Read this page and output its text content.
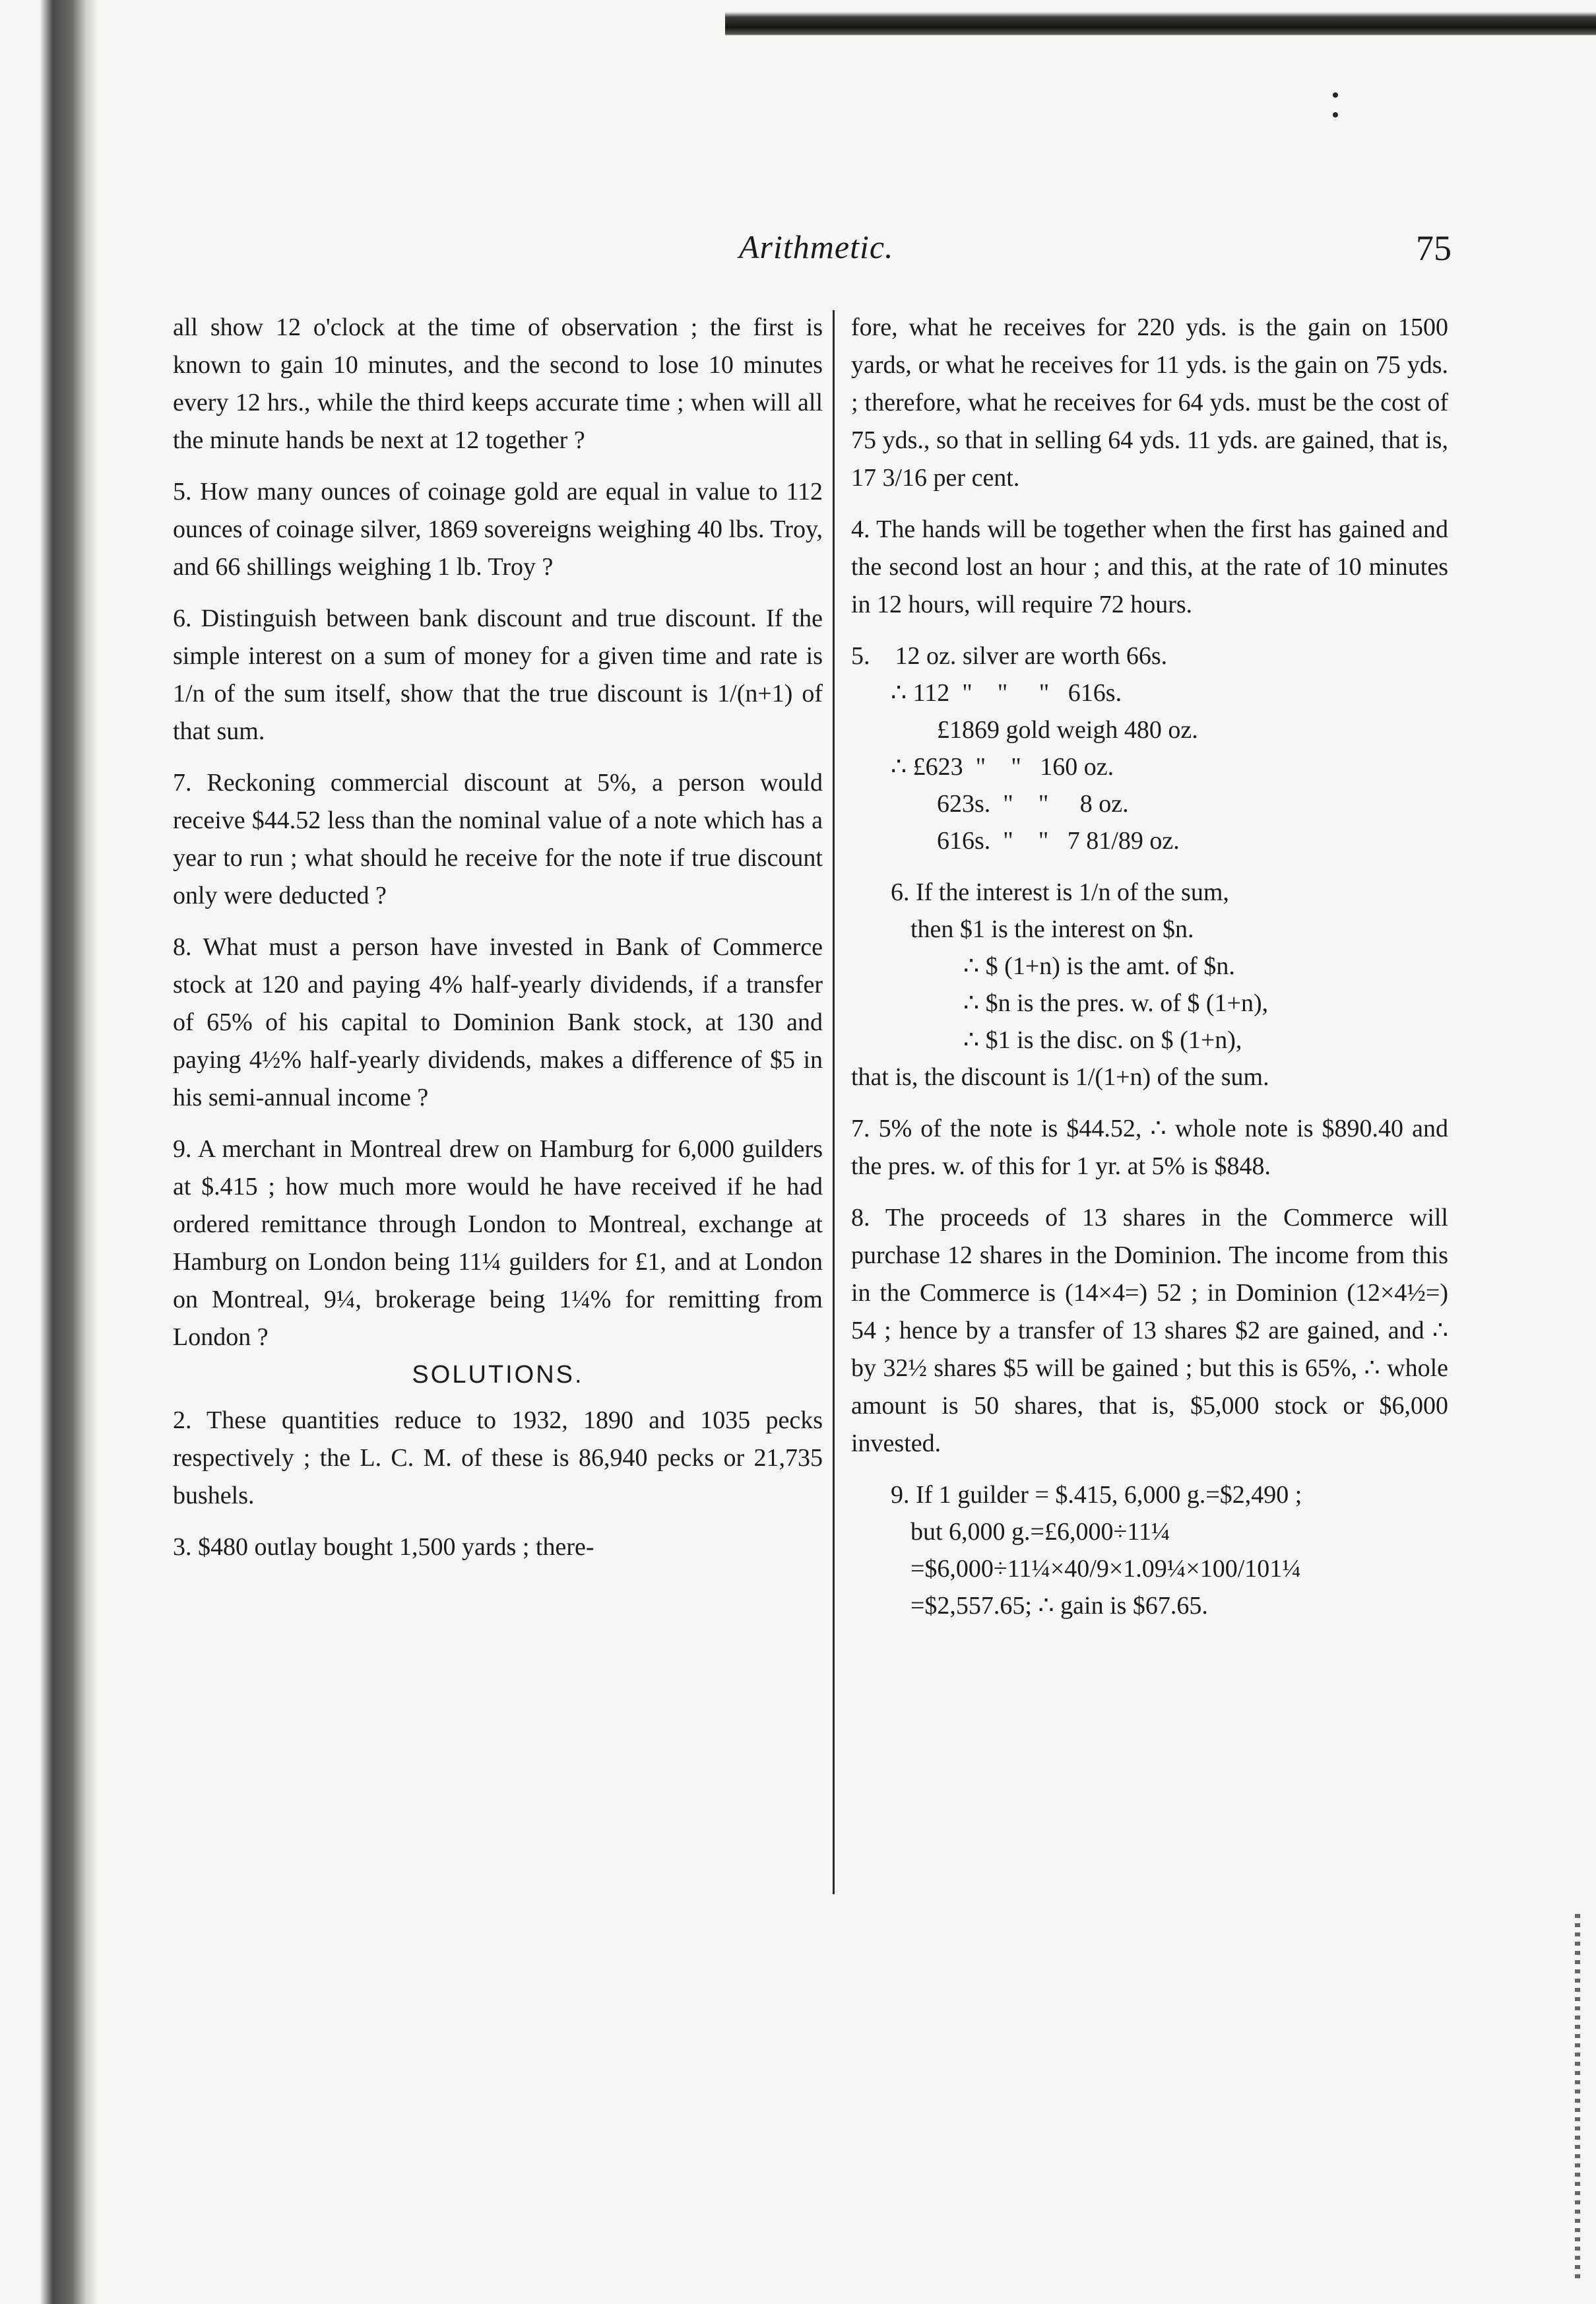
Arithmetic.	75

all show 12 o'clock at the time of observation ; the first is known to gain 10 minutes, and the second to lose 10 minutes every 12 hrs., while the third keeps accurate time ; when will all the minute hands be next at 12 together ?

5. How many ounces of coinage gold are equal in value to 112 ounces of coinage silver, 1869 sovereigns weighing 40 lbs. Troy, and 66 shillings weighing 1 lb. Troy ?

6. Distinguish between bank discount and true discount. If the simple interest on a sum of money for a given time and rate is 1/n of the sum itself, show that the true discount is 1/(n+1) of that sum.

7. Reckoning commercial discount at 5%, a person would receive $44.52 less than the nominal value of a note which has a year to run ; what should he receive for the note if true discount only were deducted ?

8. What must a person have invested in Bank of Commerce stock at 120 and paying 4% half-yearly dividends, if a transfer of 65% of his capital to Dominion Bank stock, at 130 and paying 4½% half-yearly dividends, makes a difference of $5 in his semi-annual income ?

9. A merchant in Montreal drew on Hamburg for 6,000 guilders at $.415 ; how much more would he have received if he had ordered remittance through London to Montreal, exchange at Hamburg on London being 11¼ guilders for £1, and at London on Montreal, 9¼, brokerage being 1¼% for remitting from London ?

SOLUTIONS.

2. These quantities reduce to 1932, 1890 and 1035 pecks respectively ; the L. C. M. of these is 86,940 pecks or 21,735 bushels.

3. $480 outlay bought 1,500 yards ; there-

fore, what he receives for 220 yds. is the gain on 1500 yards, or what he receives for 11 yds. is the gain on 75 yds. ; therefore, what he receives for 64 yds. must be the cost of 75 yds., so that in selling 64 yds. 11 yds. are gained, that is, 17 3/16 per cent.

4. The hands will be together when the first has gained and the second lost an hour ; and this, at the rate of 10 minutes in 12 hours, will require 72 hours.

5.    12 oz. silver are worth 66s.
∴ 112  "    "     "   616s.
£1869 gold weigh 480 oz.
∴ £623  "    "   160 oz.
623s.  "    "     8 oz.
616s.  "    "   7 81/89 oz.
6. If the interest is 1/n of the sum,
then $1 is the interest on $n.
∴ $ (1+n) is the amt. of $n.
∴ $n is the pres. w. of $ (1+n),
∴ $1 is the disc. on $ (1+n),
that is, the discount is 1/(1+n) of the sum.

7. 5% of the note is $44.52, ∴ whole note is $890.40 and the pres. w. of this for 1 yr. at 5% is $848.

8. The proceeds of 13 shares in the Commerce will purchase 12 shares in the Dominion. The income from this in the Commerce is (14×4=) 52 ; in Dominion (12×4½=) 54 ; hence by a transfer of 13 shares $2 are gained, and ∴ by 32½ shares $5 will be gained ; but this is 65%, ∴ whole amount is 50 shares, that is, $5,000 stock or $6,000 invested.

9. If 1 guilder = $.415, 6,000 g.=$2,490 ;
but 6,000 g.=£6,000÷11¼
=$6,000÷11¼×40/9×1.09¼×100/101¼
=$2,557.65; ∴ gain is $67.65.
